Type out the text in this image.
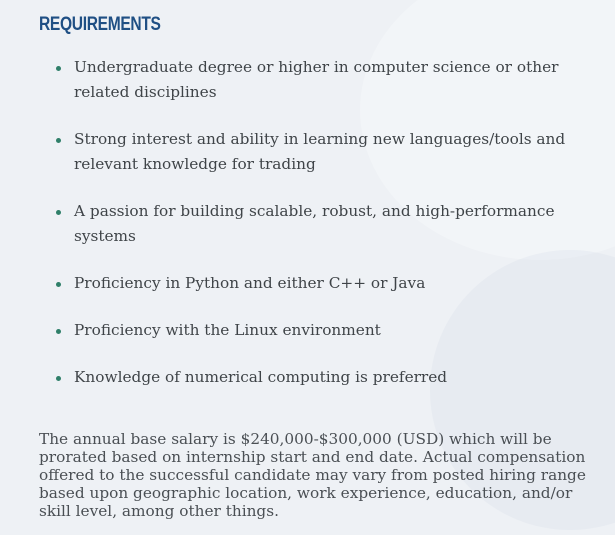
REQUIREMENTS
Undergraduate degree or higher in computer science or other related disciplines
Strong interest and ability in learning new languages/tools and relevant knowledge for trading
A passion for building scalable, robust, and high-performance systems
Proficiency in Python and either C++ or Java
Proficiency with the Linux environment
Knowledge of numerical computing is preferred

The annual base salary is $240,000-$300,000 (USD) which will be prorated based on internship start and end date. Actual compensation offered to the successful candidate may vary from posted hiring range based upon geographic location, work experience, education, and/or skill level, among other things.
